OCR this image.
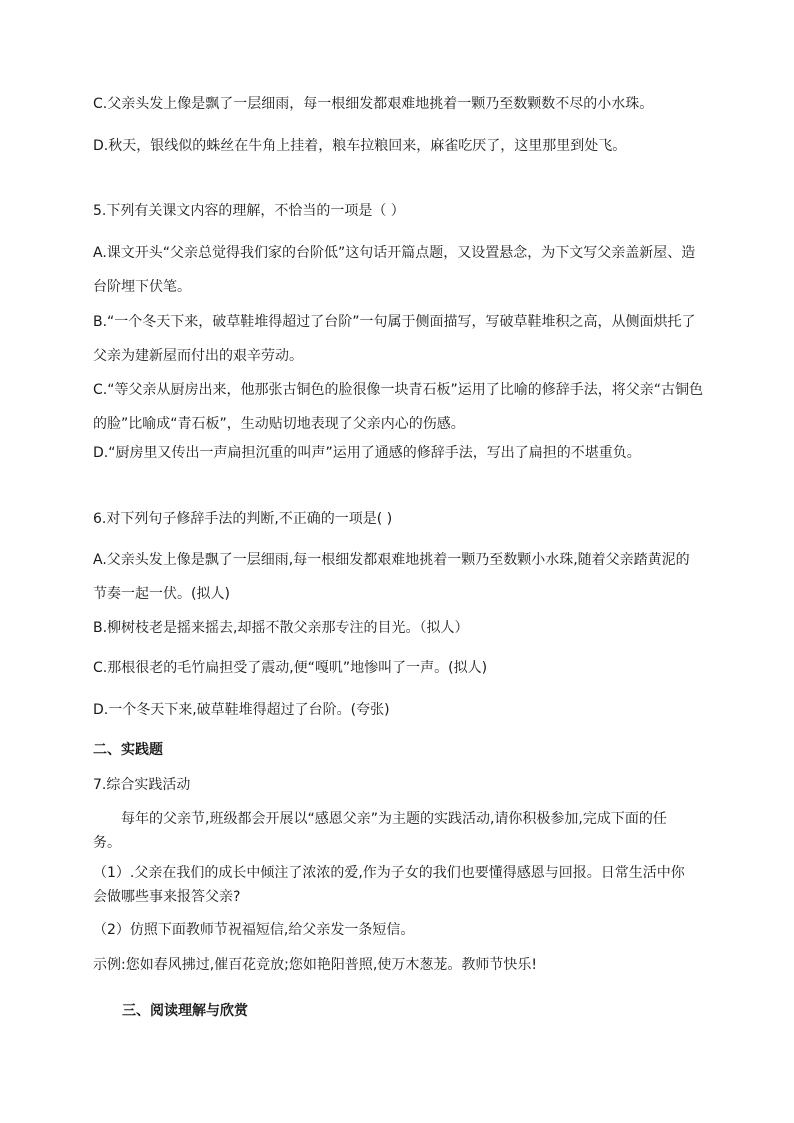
C.父亲头发上像是飘了一层细雨，每一根细发都艰难地挑着一颗乃至数颗数不尽的小水珠。
D.秋天，银线似的蛛丝在牛角上挂着，粮车拉粮回来，麻雀吃厌了，这里那里到处飞。
5.下列有关课文内容的理解，不恰当的一项是（ ）
A.课文开头“父亲总觉得我们家的台阶低”这句话开篇点题，又设置悬念，为下文写父亲盖新屋、造台阶埋下伏笔。
B.“一个冬天下来，破草鞋堆得超过了台阶”一句属于侧面描写，写破草鞋堆积之高，从侧面烘托了父亲为建新屋而付出的艰辛劳动。
C.“等父亲从厨房出来，他那张古铜色的脸很像一块青石板”运用了比喻的修辞手法，将父亲“古铜色的脸”比喻成“青石板”，生动贴切地表现了父亲内心的伤感。
D.“厨房里又传出一声扁担沉重的叫声”运用了通感的修辞手法，写出了扁担的不堪重负。
6.对下列句子修辞手法的判断,不正确的一项是( )
A.父亲头发上像是飘了一层细雨,每一根细发都艰难地挑着一颗乃至数颗小水珠,随着父亲踏黄泥的节奏一起一伏。(拟人)
B.柳树枝老是摇来摇去,却摇不散父亲那专注的目光。（拟人）
C.那根很老的毛竹扁担受了震动,便“嘎叽”地惨叫了一声。(拟人)
D.一个冬天下来,破草鞋堆得超过了台阶。(夸张)
二、实践题
7.综合实践活动
每年的父亲节,班级都会开展以“感恩父亲”为主题的实践活动,请你积极参加,完成下面的任务。
（1）.父亲在我们的成长中倾注了浓浓的爱,作为子女的我们也要懂得感恩与回报。日常生活中你会做哪些事来报答父亲?
（2）仿照下面教师节祝福短信,给父亲发一条短信。
示例:您如春风拂过,催百花竞放;您如艳阳普照,使万木葱茏。教师节快乐!
三、阅读理解与欣赏
